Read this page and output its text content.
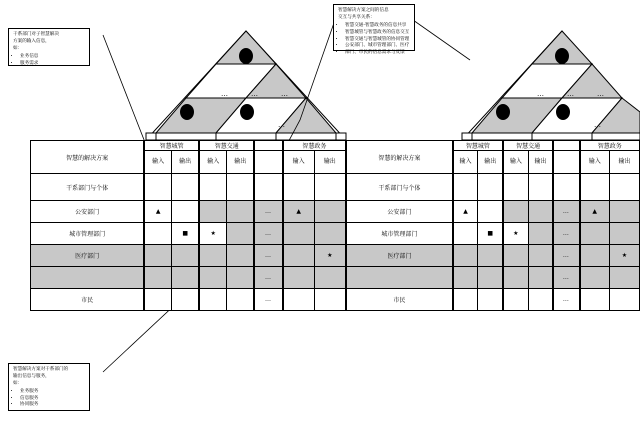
…	…	…
…
…	…	…
…
干系部门对子智慧解决
方案的输入信息，
如：
• 业务信息
• 服务需求
智慧解决方案之间的信息
交互与共享关系：
• 智慧交通-智慧政务的信息共享
• 智慧城管与智慧政务的信息交互
• 智慧交通与智慧城管的协同管理
• 公安部门、城市管理部门、医疗
• 部门、市民的信息需求与反馈
智慧解决方案对干系部门的
输出信息与服务，
如：
• 业务服务
• 信息服务
• 协同服务
智慧的解决方案	智慧城管		智慧交通			智慧政务	
	输入	输出	输入	输出		输入	输出
干系部门与个体							
公安部门	▲				…	▲	
城市管理部门		■	★		…		
医疗部门					…		★
					…		
市民					…		
智慧的解决方案	智慧城管		智慧交通			智慧政务	
	输入	输出	输入	输出		输入	输出
干系部门与个体							
公安部门	▲				…	▲	
城市管理部门		■	★		…		
医疗部门					…		★
					…		
市民					…		
